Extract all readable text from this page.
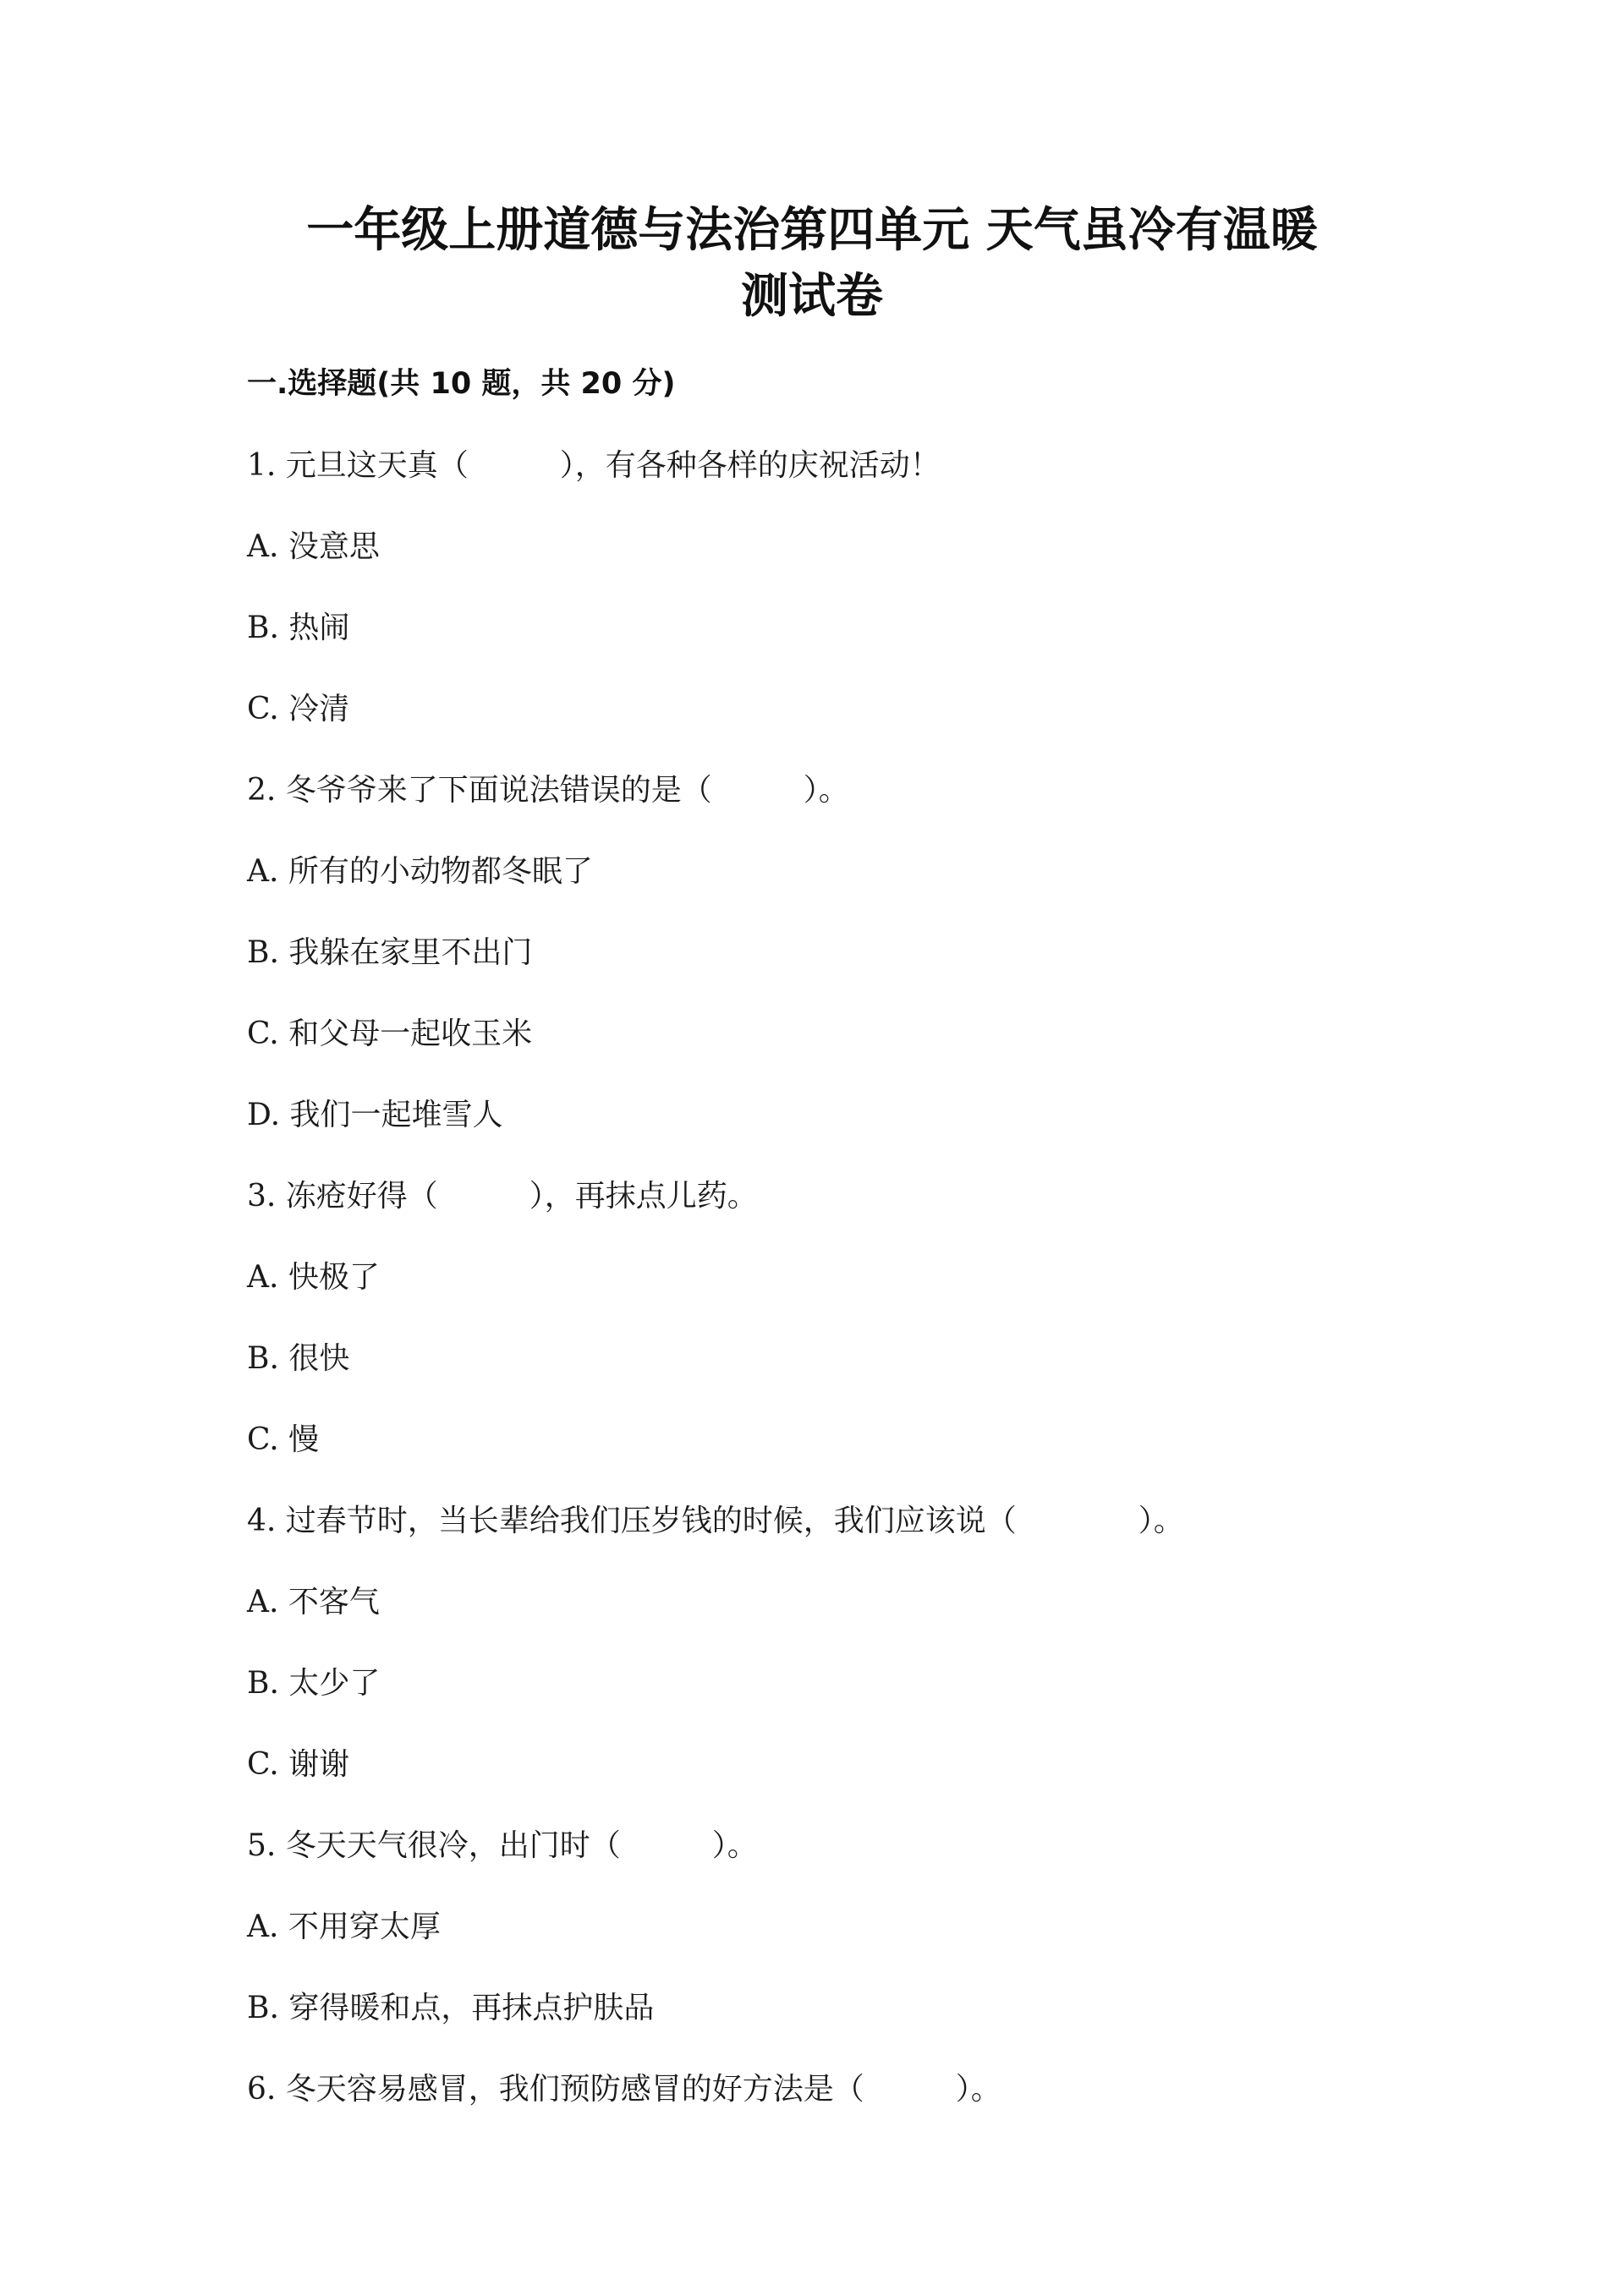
一年级上册道德与法治第四单元 天气虽冷有温暖
测试卷
一.选择题(共 10 题，共 20 分)
1. 元旦这天真（　　　），有各种各样的庆祝活动！
A. 没意思
B. 热闹
C. 冷清
2. 冬爷爷来了下面说法错误的是（　　　）。
A. 所有的小动物都冬眠了
B. 我躲在家里不出门
C. 和父母一起收玉米
D. 我们一起堆雪人
3. 冻疮好得（　　　），再抹点儿药。
A. 快极了
B. 很快
C. 慢
4. 过春节时，当长辈给我们压岁钱的时候，我们应该说（　　　　）。
A. 不客气
B. 太少了
C. 谢谢
5. 冬天天气很冷，出门时（　　　）。
A. 不用穿太厚
B. 穿得暖和点，再抹点护肤品
6. 冬天容易感冒，我们预防感冒的好方法是（　　　）。
